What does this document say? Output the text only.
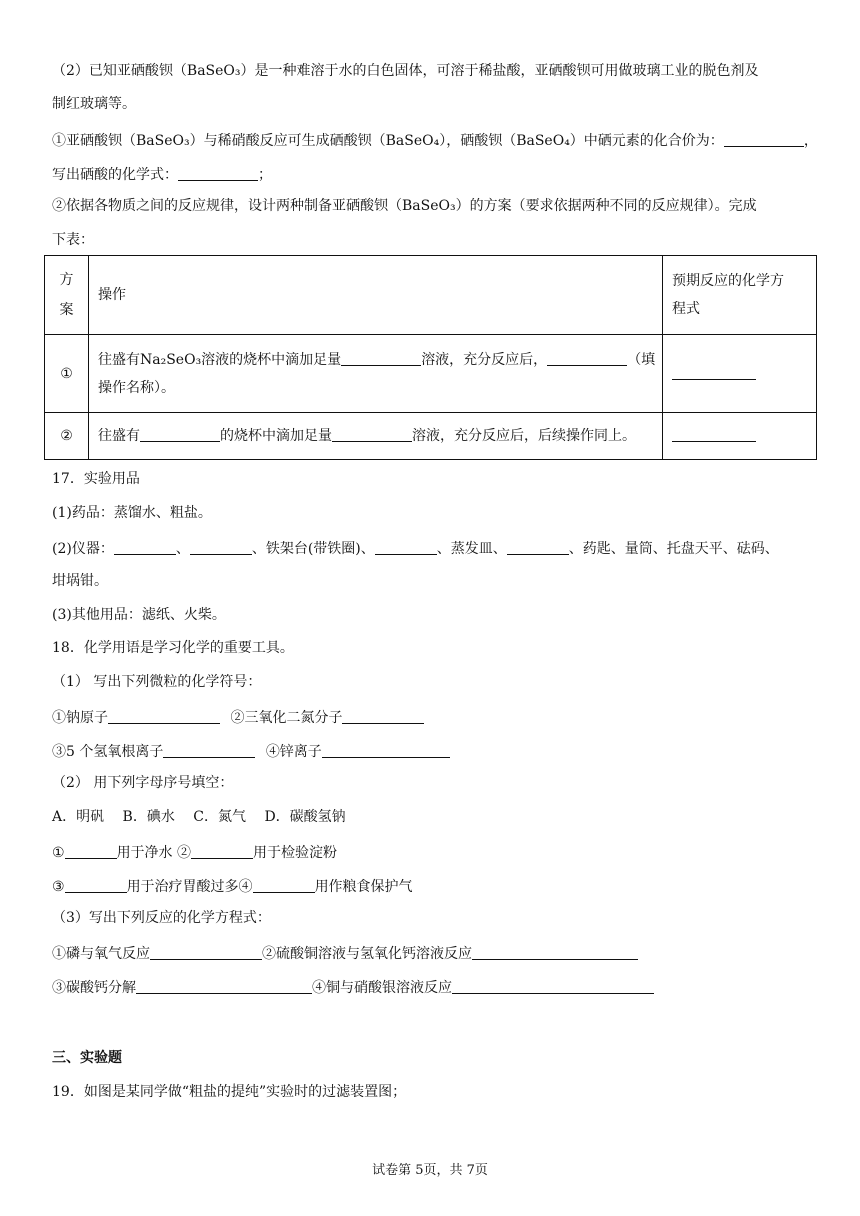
（2）已知亚硒酸钡（BaSeO₃）是一种难溶于水的白色固体，可溶于稀盐酸，亚硒酸钡可用做玻璃工业的脱色剂及
制红玻璃等。
①亚硒酸钡（BaSeO₃）与稀硝酸反应可生成硒酸钡（BaSeO₄），硒酸钡（BaSeO₄）中硒元素的化合价为：	，
写出硒酸的化学式：	；
②依据各物质之间的反应规律，设计两种制备亚硒酸钡（BaSeO₃）的方案（要求依据两种不同的反应规律）。完成
下表：
方
案	操作	预期反应的化学方
程式
①	往盛有Na₂SeO₃溶液的烧杯中滴加足量 溶液，充分反应后， （填
操作名称）。	
②	往盛有 的烧杯中滴加足量 溶液，充分反应后，后续操作同上。	
17．实验用品
(1)药品：蒸馏水、粗盐。
(2)仪器：	、	、铁架台(带铁圈)、	、蒸发皿、	、药匙、量筒、托盘天平、砝码、
坩埚钳。
(3)其他用品：滤纸、火柴。
18．化学用语是学习化学的重要工具。
（1） 写出下列微粒的化学符号：
①钠原子	②三氧化二氮分子
③5 个氢氧根离子	④锌离子
（2） 用下列字母序号填空：
A．明矾　 B．碘水　 C．氮气　 D．碳酸氢钠
①	用于净水 ②	用于检验淀粉
③	用于治疗胃酸过多④	用作粮食保护气
（3）写出下列反应的化学方程式：
①磷与氧气反应	②硫酸铜溶液与氢氧化钙溶液反应
③碳酸钙分解	④铜与硝酸银溶液反应
三、实验题
19．如图是某同学做“粗盐的提纯”实验时的过滤装置图；
试卷第 5页，共 7页
